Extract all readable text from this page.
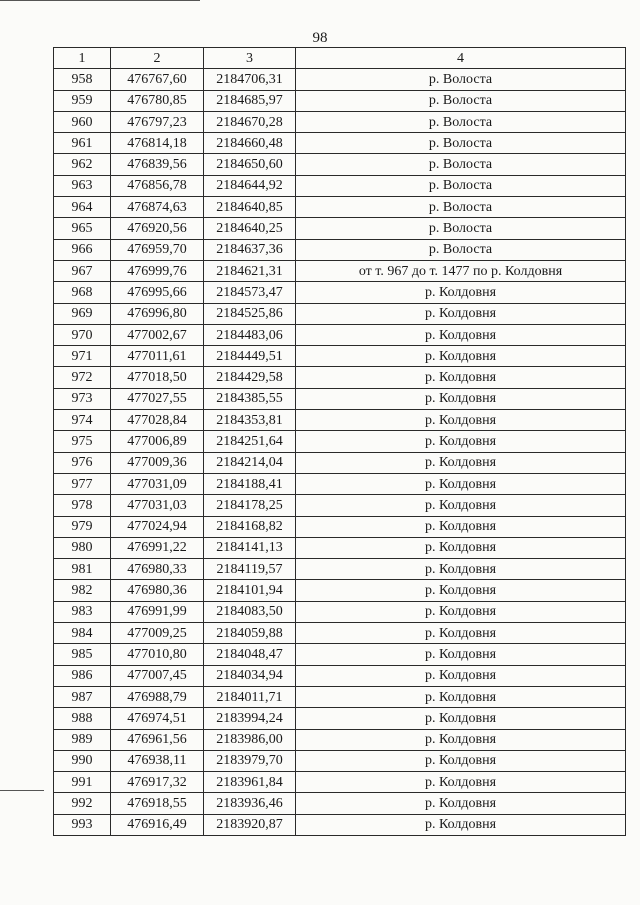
98
1	2	3	4
958	476767,60	2184706,31	р. Волоста
959	476780,85	2184685,97	р. Волоста
960	476797,23	2184670,28	р. Волоста
961	476814,18	2184660,48	р. Волоста
962	476839,56	2184650,60	р. Волоста
963	476856,78	2184644,92	р. Волоста
964	476874,63	2184640,85	р. Волоста
965	476920,56	2184640,25	р. Волоста
966	476959,70	2184637,36	р. Волоста
967	476999,76	2184621,31	от т. 967 до т. 1477 по р. Колдовня
968	476995,66	2184573,47	р. Колдовня
969	476996,80	2184525,86	р. Колдовня
970	477002,67	2184483,06	р. Колдовня
971	477011,61	2184449,51	р. Колдовня
972	477018,50	2184429,58	р. Колдовня
973	477027,55	2184385,55	р. Колдовня
974	477028,84	2184353,81	р. Колдовня
975	477006,89	2184251,64	р. Колдовня
976	477009,36	2184214,04	р. Колдовня
977	477031,09	2184188,41	р. Колдовня
978	477031,03	2184178,25	р. Колдовня
979	477024,94	2184168,82	р. Колдовня
980	476991,22	2184141,13	р. Колдовня
981	476980,33	2184119,57	р. Колдовня
982	476980,36	2184101,94	р. Колдовня
983	476991,99	2184083,50	р. Колдовня
984	477009,25	2184059,88	р. Колдовня
985	477010,80	2184048,47	р. Колдовня
986	477007,45	2184034,94	р. Колдовня
987	476988,79	2184011,71	р. Колдовня
988	476974,51	2183994,24	р. Колдовня
989	476961,56	2183986,00	р. Колдовня
990	476938,11	2183979,70	р. Колдовня
991	476917,32	2183961,84	р. Колдовня
992	476918,55	2183936,46	р. Колдовня
993	476916,49	2183920,87	р. Колдовня
